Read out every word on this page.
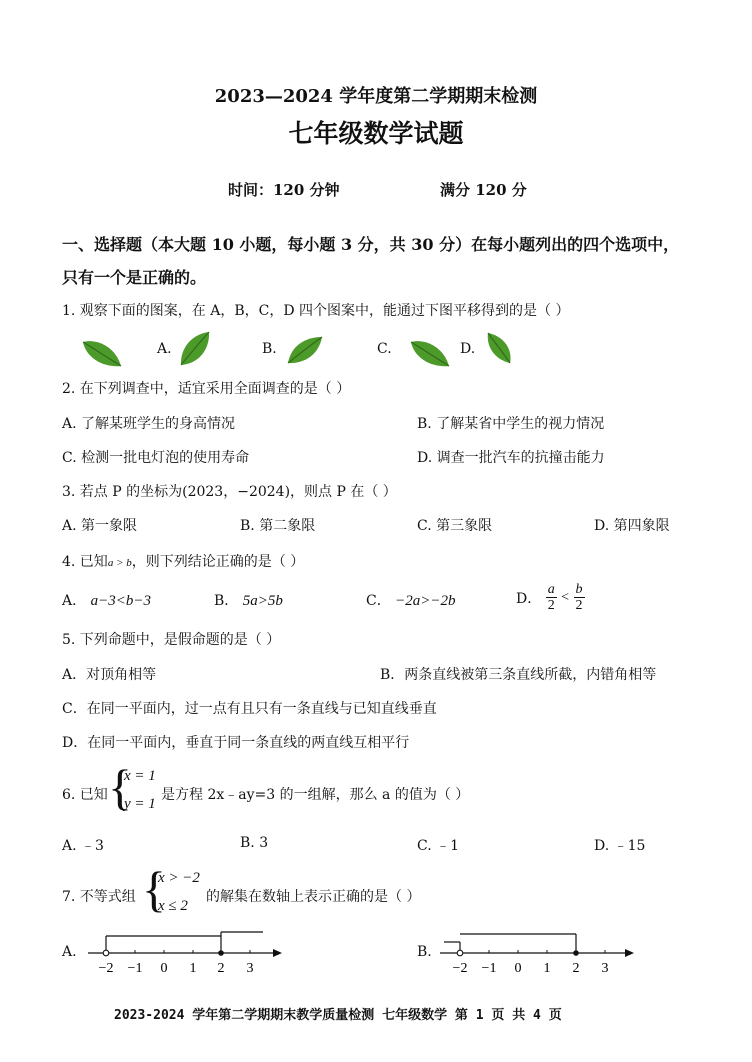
2023—2024 学年度第二学期期末检测
七年级数学试题
时间：120 分钟	满分 120 分
一、选择题（本大题 10 小题，每小题 3 分，共 30 分）在每小题列出的四个选项中，
只有一个是正确的。
1. 观察下面的图案，在 A，B，C，D 四个图案中，能通过下图平移得到的是（ ）
A.	B.	C.	D.
2. 在下列调查中，适宜采用全面调查的是（ ）
A. 了解某班学生的身高情况	B. 了解某省中学生的视力情况
C. 检测一批电灯泡的使用寿命	D. 调查一批汽车的抗撞击能力
3. 若点 P 的坐标为(2023，−2024)，则点 P 在（ ）
A. 第一象限	B. 第二象限	C. 第三象限	D. 第四象限
4. 已知a > b，则下列结论正确的是（ ）
A． a−3<b−3	B． 5a>5b	C． −2a>−2b	D． $\frac{a}{2} < \frac{b}{2}$
5. 下列命题中，是假命题的是（ ）
A．对顶角相等	B．两条直线被第三条直线所截，内错角相等
C．在同一平面内，过一点有且只有一条直线与已知直线垂直
D．在同一平面内，垂直于同一条直线的两直线互相平行
6. 已知 {
x = 1
y = 1
是方程 2x﹣ay=3 的一组解，那么 a 的值为（ ）
A. ﹣3	B. 3	C. ﹣1	D. ﹣15
7. 不等式组 {
x > −2
x ≤ 2
的解集在数轴上表示正确的是（ ）
A.
−2 −1 0 1 2 3
B.
−2 −1 0 1 2 3
2023-2024 学年第二学期期末教学质量检测 七年级数学 第 1 页 共 4 页
